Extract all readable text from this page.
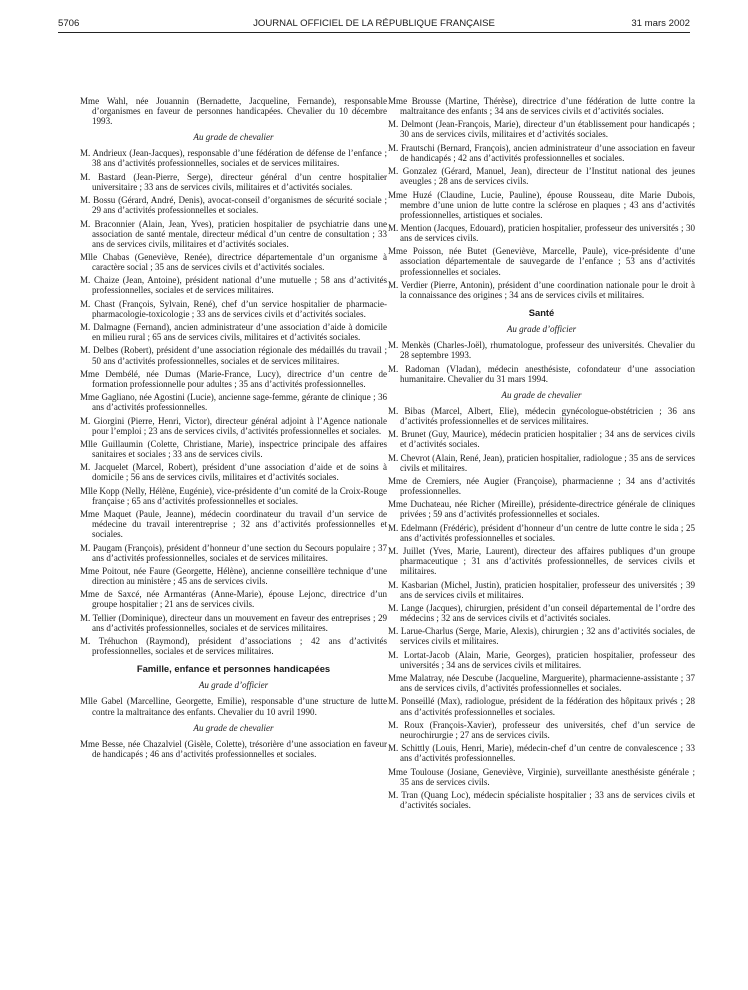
5706	JOURNAL OFFICIEL DE LA RÉPUBLIQUE FRANÇAISE	31 mars 2002

Mme Wahl, née Jouannin (Bernadette, Jacqueline, Fernande), responsable d’organismes en faveur de personnes handicapées. Chevalier du 10 décembre 1993.

Au grade de chevalier

M. Andrieux (Jean-Jacques), responsable d’une fédération de défense de l’enfance ; 38 ans d’activités professionnelles, sociales et de services militaires.

M. Bastard (Jean-Pierre, Serge), directeur général d’un centre hospitalier universitaire ; 33 ans de services civils, militaires et d’activités sociales.

M. Bossu (Gérard, André, Denis), avocat-conseil d’organismes de sécurité sociale ; 29 ans d’activités professionnelles et sociales.

M. Braconnier (Alain, Jean, Yves), praticien hospitalier de psychiatrie dans une association de santé mentale, directeur médical d’un centre de consultation ; 33 ans de services civils, militaires et d’activités sociales.

Mlle Chabas (Geneviève, Renée), directrice départementale d’un organisme à caractère social ; 35 ans de services civils et d’activités sociales.

M. Chaize (Jean, Antoine), président national d’une mutuelle ; 58 ans d’activités professionnelles, sociales et de services militaires.

M. Chast (François, Sylvain, René), chef d’un service hospitalier de pharmacie-pharmacologie-toxicologie ; 33 ans de services civils et d’activités sociales.

M. Dalmagne (Fernand), ancien administrateur d’une association d’aide à domicile en milieu rural ; 65 ans de services civils, militaires et d’activités sociales.

M. Delbes (Robert), président d’une association régionale des médaillés du travail ; 50 ans d’activités professionnelles, sociales et de services militaires.

Mme Dembélé, née Dumas (Marie-France, Lucy), directrice d’un centre de formation professionnelle pour adultes ; 35 ans d’activités professionnelles.

Mme Gagliano, née Agostini (Lucie), ancienne sage-femme, gérante de clinique ; 36 ans d’activités professionnelles.

M. Giorgini (Pierre, Henri, Victor), directeur général adjoint à l’Agence nationale pour l’emploi ; 23 ans de services civils, d’activités professionnelles et sociales.

Mlle Guillaumin (Colette, Christiane, Marie), inspectrice principale des affaires sanitaires et sociales ; 33 ans de services civils.

M. Jacquelet (Marcel, Robert), président d’une association d’aide et de soins à domicile ; 56 ans de services civils, militaires et d’activités sociales.

Mlle Kopp (Nelly, Hélène, Eugénie), vice-présidente d’un comité de la Croix-Rouge française ; 65 ans d’activités professionnelles et sociales.

Mme Maquet (Paule, Jeanne), médecin coordinateur du travail d’un service de médecine du travail interentreprise ; 32 ans d’activités professionnelles et sociales.

M. Paugam (François), président d’honneur d’une section du Secours populaire ; 37 ans d’activités professionnelles, sociales et de services militaires.

Mme Poitout, née Faure (Georgette, Hélène), ancienne conseillère technique d’une direction au ministère ; 45 ans de services civils.

Mme de Saxcé, née Armantéras (Anne-Marie), épouse Lejonc, directrice d’un groupe hospitalier ; 21 ans de services civils.

M. Tellier (Dominique), directeur dans un mouvement en faveur des entreprises ; 29 ans d’activités professionnelles, sociales et de services militaires.

M. Tréhuchon (Raymond), président d’associations ; 42 ans d’activités professionnelles, sociales et de services militaires.

Famille, enfance et personnes handicapées

Au grade d’officier

Mlle Gabel (Marcelline, Georgette, Emilie), responsable d’une structure de lutte contre la maltraitance des enfants. Chevalier du 10 avril 1990.

Au grade de chevalier

Mme Besse, née Chazalviel (Gisèle, Colette), trésorière d’une association en faveur de handicapés ; 46 ans d’activités professionnelles et sociales.

Mme Brousse (Martine, Thérèse), directrice d’une fédération de lutte contre la maltraitance des enfants ; 34 ans de services civils et d’activités sociales.

M. Delmont (Jean-François, Marie), directeur d’un établissement pour handicapés ; 30 ans de services civils, militaires et d’activités sociales.

M. Frautschi (Bernard, François), ancien administrateur d’une association en faveur de handicapés ; 42 ans d’activités professionnelles et sociales.

M. Gonzalez (Gérard, Manuel, Jean), directeur de l’Institut national des jeunes aveugles ; 28 ans de services civils.

Mme Huzé (Claudine, Lucie, Pauline), épouse Rousseau, dite Marie Dubois, membre d’une union de lutte contre la sclérose en plaques ; 43 ans d’activités professionnelles, artistiques et sociales.

M. Mention (Jacques, Edouard), praticien hospitalier, professeur des universités ; 30 ans de services civils.

Mme Poisson, née Butet (Geneviève, Marcelle, Paule), vice-présidente d’une association départementale de sauvegarde de l’enfance ; 53 ans d’activités professionnelles et sociales.

M. Verdier (Pierre, Antonin), président d’une coordination nationale pour le droit à la connaissance des origines ; 34 ans de services civils et militaires.

Santé

Au grade d’officier

M. Menkès (Charles-Joël), rhumatologue, professeur des universités. Chevalier du 28 septembre 1993.

M. Radoman (Vladan), médecin anesthésiste, cofondateur d’une association humanitaire. Chevalier du 31 mars 1994.

Au grade de chevalier

M. Bibas (Marcel, Albert, Elie), médecin gynécologue-obstétricien ; 36 ans d’activités professionnelles et de services militaires.

M. Brunet (Guy, Maurice), médecin praticien hospitalier ; 34 ans de services civils et d’activités sociales.

M. Chevrot (Alain, René, Jean), praticien hospitalier, radiologue ; 35 ans de services civils et militaires.

Mme de Cremiers, née Augier (Françoise), pharmacienne ; 34 ans d’activités professionnelles.

Mme Duchateau, née Richer (Mireille), présidente-directrice générale de cliniques privées ; 59 ans d’activités professionnelles et sociales.

M. Edelmann (Frédéric), président d’honneur d’un centre de lutte contre le sida ; 25 ans d’activités professionnelles et sociales.

M. Juillet (Yves, Marie, Laurent), directeur des affaires publiques d’un groupe pharmaceutique ; 31 ans d’activités professionnelles, de services civils et militaires.

M. Kasbarian (Michel, Justin), praticien hospitalier, professeur des universités ; 39 ans de services civils et militaires.

M. Lange (Jacques), chirurgien, président d’un conseil départemental de l’ordre des médecins ; 32 ans de services civils et d’activités sociales.

M. Larue-Charlus (Serge, Marie, Alexis), chirurgien ; 32 ans d’activités sociales, de services civils et militaires.

M. Lortat-Jacob (Alain, Marie, Georges), praticien hospitalier, professeur des universités ; 34 ans de services civils et militaires.

Mme Malatray, née Descube (Jacqueline, Marguerite), pharmacienne-assistante ; 37 ans de services civils, d’activités professionnelles et sociales.

M. Ponseillé (Max), radiologue, président de la fédération des hôpitaux privés ; 28 ans d’activités professionnelles et sociales.

M. Roux (François-Xavier), professeur des universités, chef d’un service de neurochirurgie ; 27 ans de services civils.

M. Schittly (Louis, Henri, Marie), médecin-chef d’un centre de convalescence ; 33 ans d’activités professionnelles.

Mme Toulouse (Josiane, Geneviève, Virginie), surveillante anesthésiste générale ; 35 ans de services civils.

M. Tran (Quang Loc), médecin spécialiste hospitalier ; 33 ans de services civils et d’activités sociales.
